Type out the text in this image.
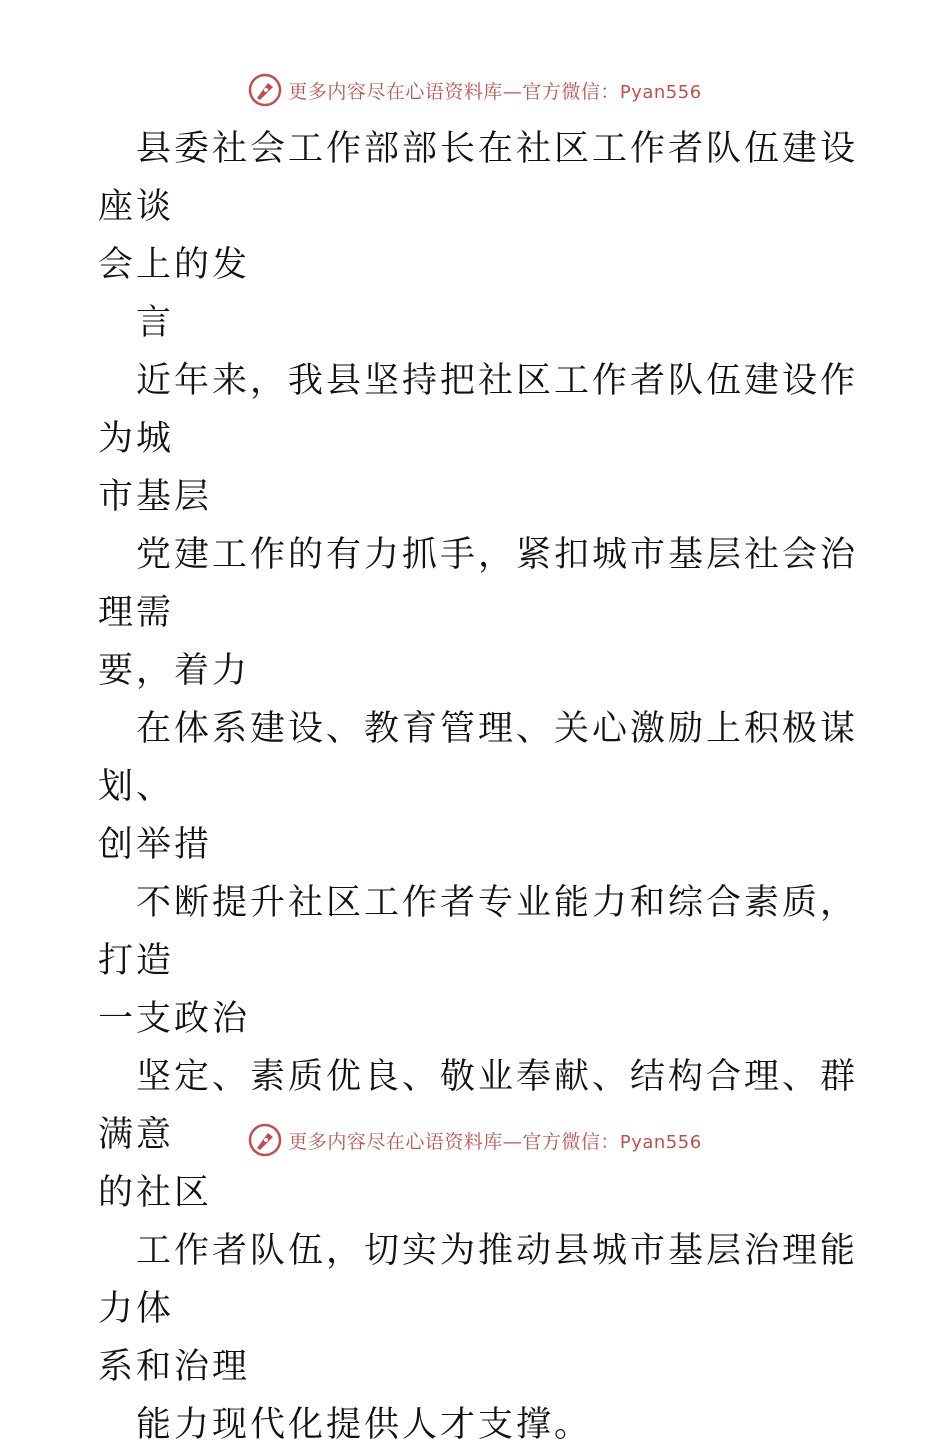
更多内容尽在心语资料库—官方微信：Pyan556

县委社会工作部部长在社区工作者队伍建设座谈

会上的发

言

近年来，我县坚持把社区工作者队伍建设作为城

市基层

党建工作的有力抓手，紧扣城市基层社会治理需

要，着力

在体系建设、教育管理、关心激励上积极谋划、

创举措

不断提升社区工作者专业能力和综合素质，打造

一支政治

坚定、素质优良、敬业奉献、结构合理、群满意

的社区

工作者队伍，切实为推动县城市基层治理能力体

系和治理

能力现代化提供人才支撑。

更多内容尽在心语资料库—官方微信：Pyan556
